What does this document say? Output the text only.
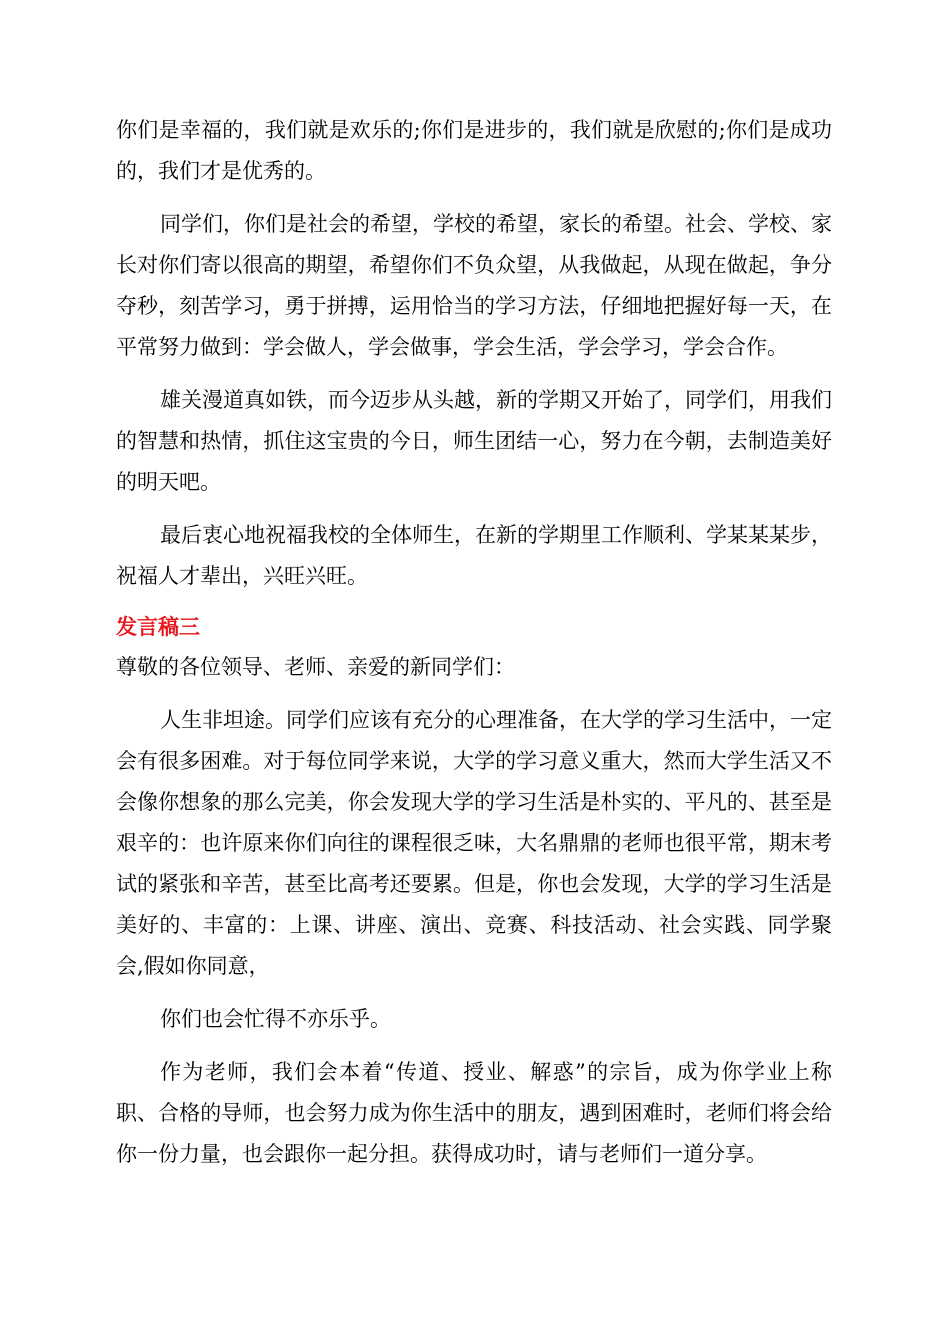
你们是幸福的，我们就是欢乐的;你们是进步的，我们就是欣慰的;你们是成功的，我们才是优秀的。

同学们，你们是社会的希望，学校的希望，家长的希望。社会、学校、家长对你们寄以很高的期望，希望你们不负众望，从我做起，从现在做起，争分夺秒，刻苦学习，勇于拼搏，运用恰当的学习方法，仔细地把握好每一天，在平常努力做到：学会做人，学会做事，学会生活，学会学习，学会合作。

雄关漫道真如铁，而今迈步从头越，新的学期又开始了，同学们，用我们的智慧和热情，抓住这宝贵的今日，师生团结一心，努力在今朝，去制造美好的明天吧。

最后衷心地祝福我校的全体师生，在新的学期里工作顺利、学某某某步，祝福人才辈出，兴旺兴旺。

发言稿三

尊敬的各位领导、老师、亲爱的新同学们：

人生非坦途。同学们应该有充分的心理准备，在大学的学习生活中，一定会有很多困难。对于每位同学来说，大学的学习意义重大，然而大学生活又不会像你想象的那么完美，你会发现大学的学习生活是朴实的、平凡的、甚至是艰辛的：也许原来你们向往的课程很乏味，大名鼎鼎的老师也很平常，期末考试的紧张和辛苦，甚至比高考还要累。但是，你也会发现，大学的学习生活是美好的、丰富的：上课、讲座、演出、竞赛、科技活动、社会实践、同学聚会,假如你同意，

你们也会忙得不亦乐乎。

作为老师，我们会本着“传道、授业、解惑”的宗旨，成为你学业上称职、合格的导师，也会努力成为你生活中的朋友，遇到困难时，老师们将会给你一份力量，也会跟你一起分担。获得成功时，请与老师们一道分享。
